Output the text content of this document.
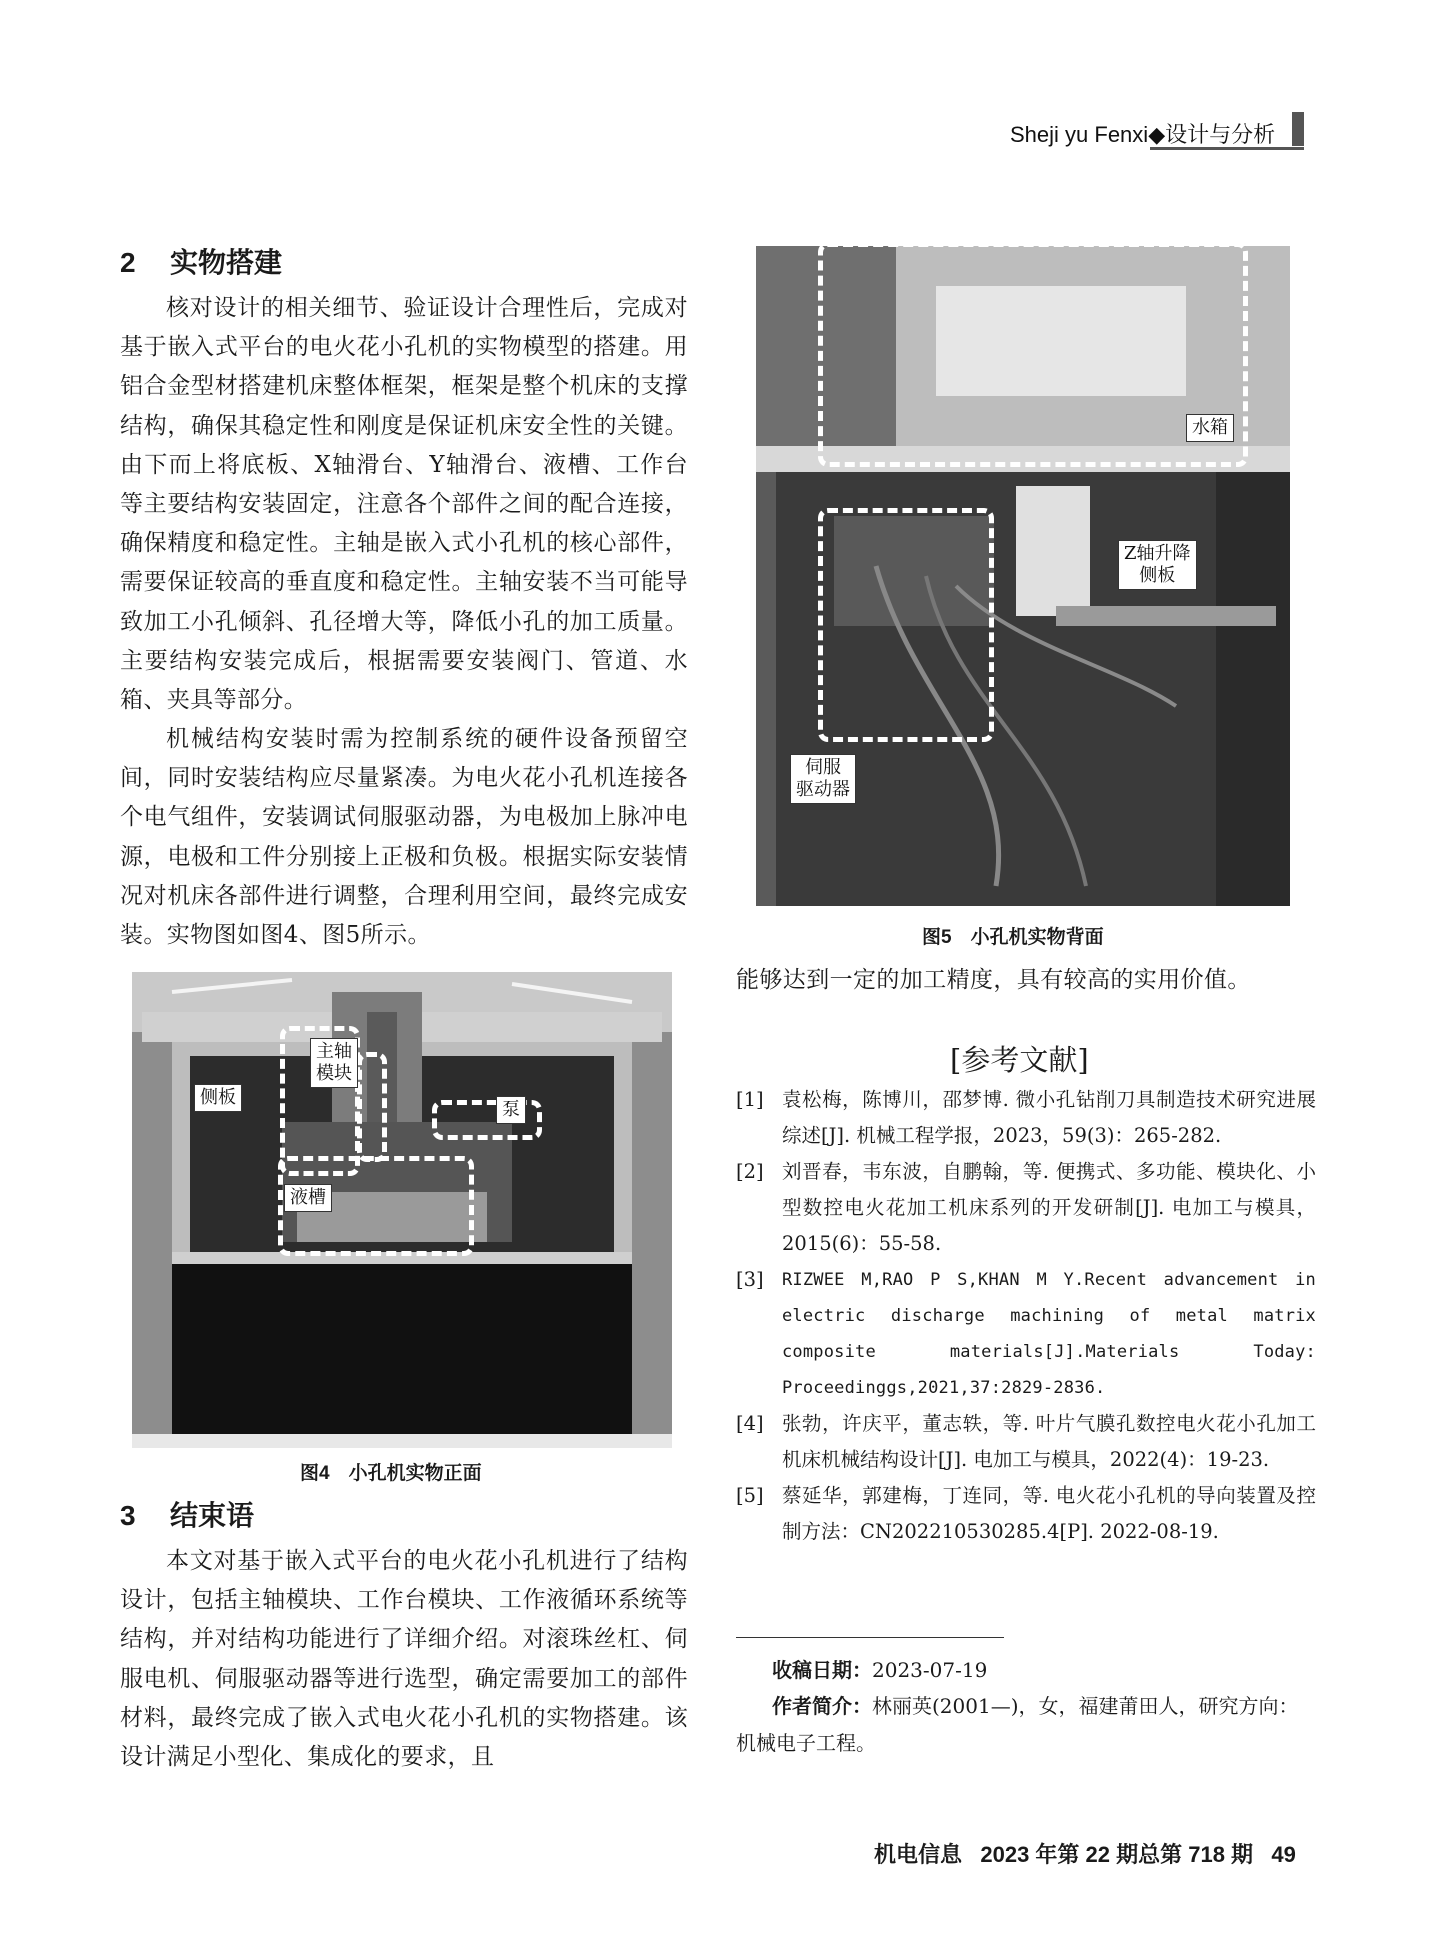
Sheji yu Fenxi◆设计与分析
2 实物搭建

核对设计的相关细节、验证设计合理性后，完成对基于嵌入式平台的电火花小孔机的实物模型的搭建。用铝合金型材搭建机床整体框架，框架是整个机床的支撑结构，确保其稳定性和刚度是保证机床安全性的关键。由下而上将底板、X轴滑台、Y轴滑台、液槽、工作台等主要结构安装固定，注意各个部件之间的配合连接，确保精度和稳定性。主轴是嵌入式小孔机的核心部件，需要保证较高的垂直度和稳定性。主轴安装不当可能导致加工小孔倾斜、孔径增大等，降低小孔的加工质量。主要结构安装完成后，根据需要安装阀门、管道、水箱、夹具等部分。

机械结构安装时需为控制系统的硬件设备预留空间，同时安装结构应尽量紧凑。为电火花小孔机连接各个电气组件，安装调试伺服驱动器，为电极加上脉冲电源，电极和工件分别接上正极和负极。根据实际安装情况对机床各部件进行调整，合理利用空间，最终完成安装。实物图如图4、图5所示。

主轴
模块
侧板
泵
液槽
图4　小孔机实物正面
3 结束语

本文对基于嵌入式平台的电火花小孔机进行了结构设计，包括主轴模块、工作台模块、工作液循环系统等结构，并对结构功能进行了详细介绍。对滚珠丝杠、伺服电机、伺服驱动器等进行选型，确定需要加工的部件材料，最终完成了嵌入式电火花小孔机的实物搭建。该设计满足小型化、集成化的要求，且

水箱
Z轴升降
侧板
伺服
驱动器
图5　小孔机实物背面

能够达到一定的加工精度，具有较高的实用价值。

[参考文献]
[1] 袁松梅，陈博川，邵梦博. 微小孔钻削刀具制造技术研究进展综述[J]. 机械工程学报，2023，59(3)：265-282.
[2] 刘晋春，韦东波，自鹏翰，等. 便携式、多功能、模块化、小型数控电火花加工机床系列的开发研制[J]. 电加工与模具，2015(6)：55-58.
[3] RIZWEE M,RAO P S,KHAN M Y.Recent advancement in electric discharge machining of metal matrix composite materials[J].Materials Today: Proceedinggs,2021,37:2829-2836.
[4] 张勃，许庆平，董志轶，等. 叶片气膜孔数控电火花小孔加工机床机械结构设计[J]. 电加工与模具，2022(4)：19-23.
[5] 蔡延华，郭建梅，丁连同，等. 电火花小孔机的导向装置及控制方法：CN202210530285.4[P]. 2022-08-19.
收稿日期：2023-07-19
作者简介：林丽英(2001—)，女，福建莆田人，研究方向：机械电子工程。
机电信息 2023 年第 22 期总第 718 期 49
